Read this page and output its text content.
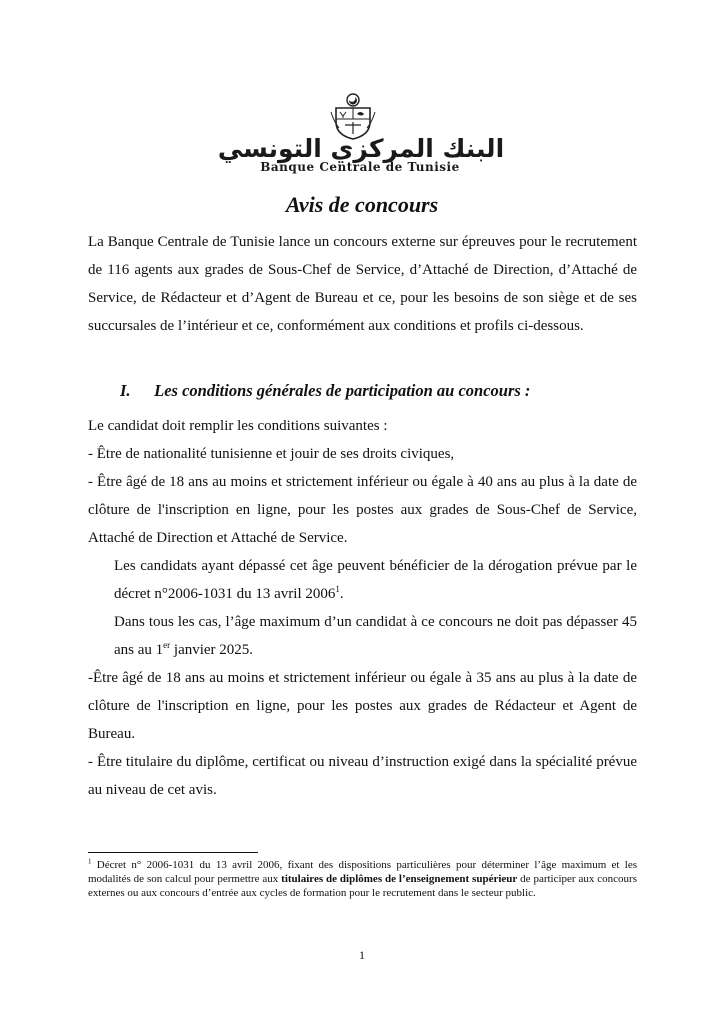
البنك المركزي التونسي
Banque Centrale de Tunisie
Avis de concours

La Banque Centrale de Tunisie lance un concours externe sur épreuves pour le recrutement de 116 agents aux grades de Sous-Chef de Service, d’Attaché de Direction, d’Attaché de Service, de Rédacteur et d’Agent de Bureau et ce, pour les besoins de son siège et de ses succursales de l’intérieur et ce, conformément aux conditions et profils ci-dessous.

I. Les conditions générales de participation au concours :

Le candidat doit remplir les conditions suivantes :

- Être de nationalité tunisienne et jouir de ses droits civiques,

- Être âgé de 18 ans au moins et strictement inférieur ou égale à 40 ans au plus à la date de clôture de l'inscription en ligne, pour les postes aux grades de Sous-Chef de Service, Attaché de Direction et Attaché de Service.

Les candidats ayant dépassé cet âge peuvent bénéficier de la dérogation prévue par le décret n°2006-1031 du 13 avril 2006$^1$.

Dans tous les cas, l’âge maximum d’un candidat à ce concours ne doit pas dépasser 45 ans au 1er janvier 2025.

-Être âgé de 18 ans au moins et strictement inférieur ou égale à 35 ans au plus à la date de clôture de l'inscription en ligne, pour les postes aux grades de Rédacteur et Agent de Bureau.

- Être titulaire du diplôme, certificat ou niveau d’instruction exigé dans la spécialité prévue au niveau de cet avis.

$^1$ Décret n° 2006-1031 du 13 avril 2006, fixant des dispositions particulières pour déterminer l’âge maximum et les modalités de son calcul pour permettre aux titulaires de diplômes de l’enseignement supérieur de participer aux concours externes ou aux concours d’entrée aux cycles de formation pour le recrutement dans le secteur public.

1
